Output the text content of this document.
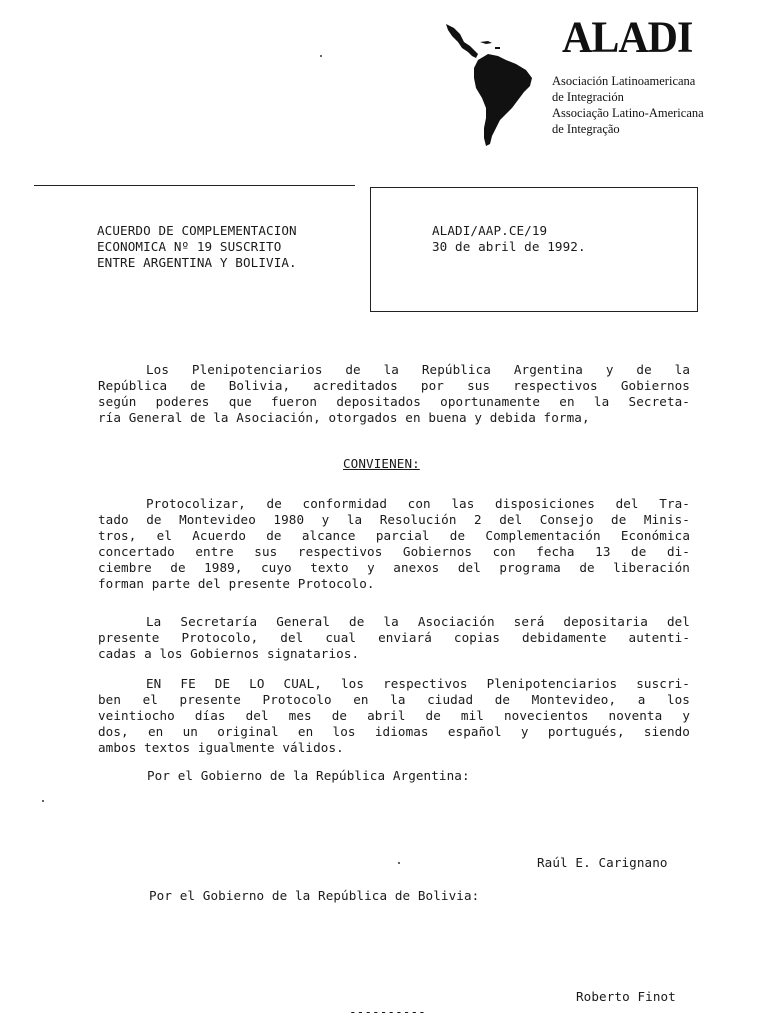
ALADI
Asociación Latinoamericana
de Integración
Associação Latino-Americana
de Integração
ACUERDO DE COMPLEMENTACION
ECONOMICA Nº 19 SUSCRITO
ENTRE ARGENTINA Y BOLIVIA.
ALADI/AAP.CE/19
30 de abril de 1992.
Los Plenipotenciarios de la República Argentina y de la
República de Bolivia, acreditados por sus respectivos Gobiernos
según poderes que fueron depositados oportunamente en la Secreta-
ría General de la Asociación, otorgados en buena y debida forma,
CONVIENEN:
Protocolizar, de conformidad con las disposiciones del Tra-
tado de Montevideo 1980 y la Resolución 2 del Consejo de Minis-
tros, el Acuerdo de alcance parcial de Complementación Económica
concertado entre sus respectivos Gobiernos con fecha 13 de di-
ciembre de 1989, cuyo texto y anexos del programa de liberación
forman parte del presente Protocolo.
La Secretaría General de la Asociación será depositaria del
presente Protocolo, del cual enviará copias debidamente autenti-
cadas a los Gobiernos signatarios.
EN FE DE LO CUAL, los respectivos Plenipotenciarios suscri-
ben el presente Protocolo en la ciudad de Montevideo, a los
veintiocho días del mes de abril de mil novecientos noventa y
dos, en un original en los idiomas español y portugués, siendo
ambos textos igualmente válidos.
Por el Gobierno de la República Argentina:
Raúl E. Carignano
Por el Gobierno de la República de Bolivia:
Roberto Finot
----------
